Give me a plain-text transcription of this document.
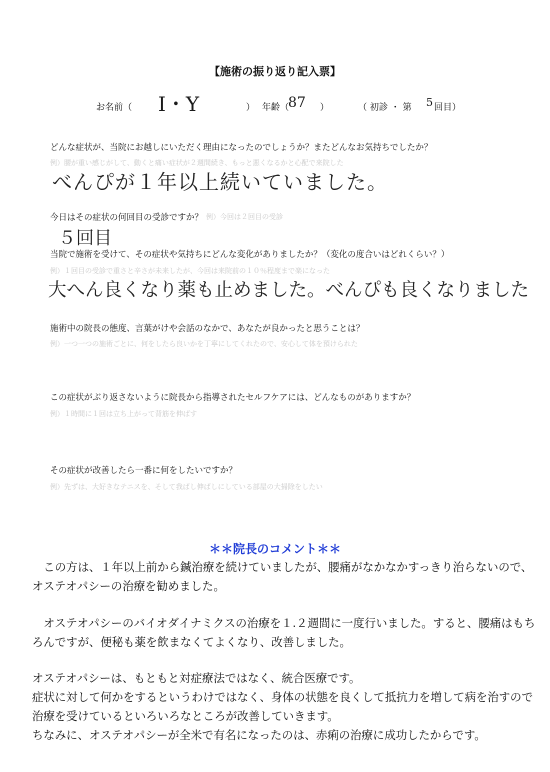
【施術の振り返り記入票】
お名前（ I・Y	） 年齢（
87 ）	（ 初診 ・ 第 5 回目）
どんな症状が、当院にお越しにいただく理由になったのでしょうか？またどんなお気持ちでしたか？
例）腰が重い感じがして、動くと痛い症状が２週間続き、もっと悪くなるかと心配で来院した
べんぴが１年以上続いていました。
今日はその症状の何回目の受診ですか？ 例）今回は２回目の受診
５回目
当院で施術を受けて、その症状や気持ちにどんな変化がありましたか？（変化の度合いはどれくらい？）
例）１回目の受診で重さと辛さが未来したが、今回は来院前の１０％程度まで楽になった
大へん良くなり薬も止めました。べんぴも良くなりました
施術中の院長の態度、言葉がけや会話のなかで、あなたが良かったと思うことは？
例）一つ一つの施術ごとに、何をしたら良いかを丁寧にしてくれたので、安心して体を預けられた
この症状がぶり返さないように院長から指導されたセルフケアには、どんなものがありますか？
例）１時間に１回は立ち上がって背筋を伸ばす
その症状が改善したら一番に何をしたいですか？
例）先ずは、大好きなテニスを、そして我ばし伸ばしにしている部屋の大掃除をしたい
＊＊院長のコメント＊＊
　この方は、１年以上前から鍼治療を続けていましたが、腰痛がなかなかすっきり治らないので、オステオパシーの治療を勧めました。
　オステオパシーのバイオダイナミクスの治療を１.２週間に一度行いました。すると、腰痛はもちろんですが、便秘も薬を飲まなくてよくなり、改善しました。
オステオパシーは、もともと対症療法ではなく、統合医療です。
症状に対して何かをするというわけではなく、身体の状態を良くして抵抗力を増して病を治すので治療を受けているといろいろなところが改善していきます。
ちなみに、オステオパシーが全米で有名になったのは、赤痢の治療に成功したからです。
